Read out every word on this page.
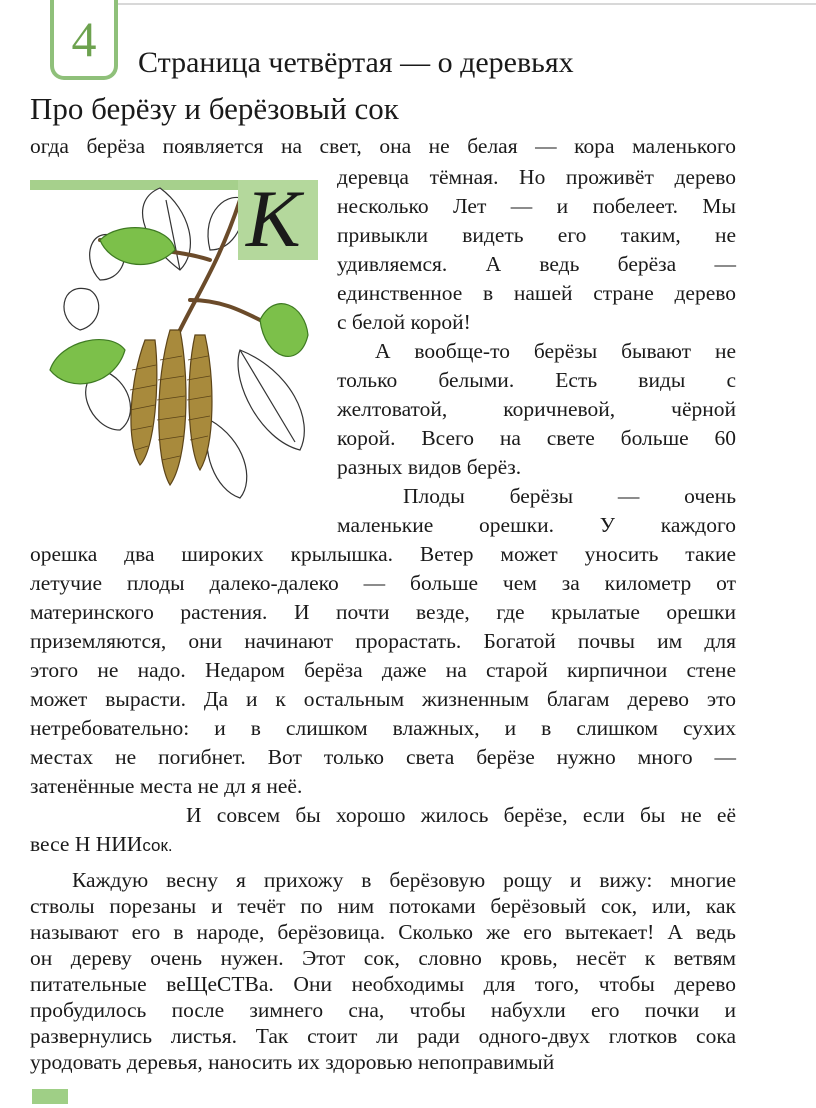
4	Страница четвёртая — о деревьях
Про берёзу и берёзовый сок
К
огда берёза появляется на свет, она не белая — кора маленького
деревца тёмная. Но проживёт дерево
несколько Лет — и побелеет. Мы
привыкли видеть его таким, не
удивляемся. А ведь берёза —
единственное в нашей стране дерево
с белой корой!
А вообще-то берёзы бывают не
только белыми. Есть виды с
желтоватой, коричневой, чёрной
корой. Всего на свете больше 60
разных видов берёз.
Плоды берёзы — очень
маленькие орешки. У каждого
орешка два широких крылышка. Ветер может уносить такие
летучие плоды далеко-далеко — больше чем за километр от
материнского растения. И почти везде, где крылатые орешки
приземляются, они начинают прорастать. Богатой почвы им для
этого не надо. Недаром берёза даже на старой кирпичнои стене
может вырасти. Да и к остальным жизненным благам дерево это
нетребовательно: и в слишком влажных, и в слишком сухих
местах не погибнет. Вот только света берёзе нужно много —
затенённые места не дл я неё.
И совсем бы хорошо жилось берёзе, если бы не её
весе Н НИИсок.
Каждую весну я прихожу в берёзовую рощу и вижу: многие
стволы порезаны и течёт по ним потоками берёзовый сок, или, как
называют его в народе, берёзовица. Сколько же его вытекает! А ведь
он дереву очень нужен. Этот сок, словно кровь, несёт к ветвям
питательные веЩеСТВа. Они необходимы для того, чтобы дерево
пробудилось после зимнего сна, чтобы набухли его почки и
развернулись листья. Так стоит ли ради одного-двух глотков сока
уродовать деревья, наносить их здоровью непоправимый
